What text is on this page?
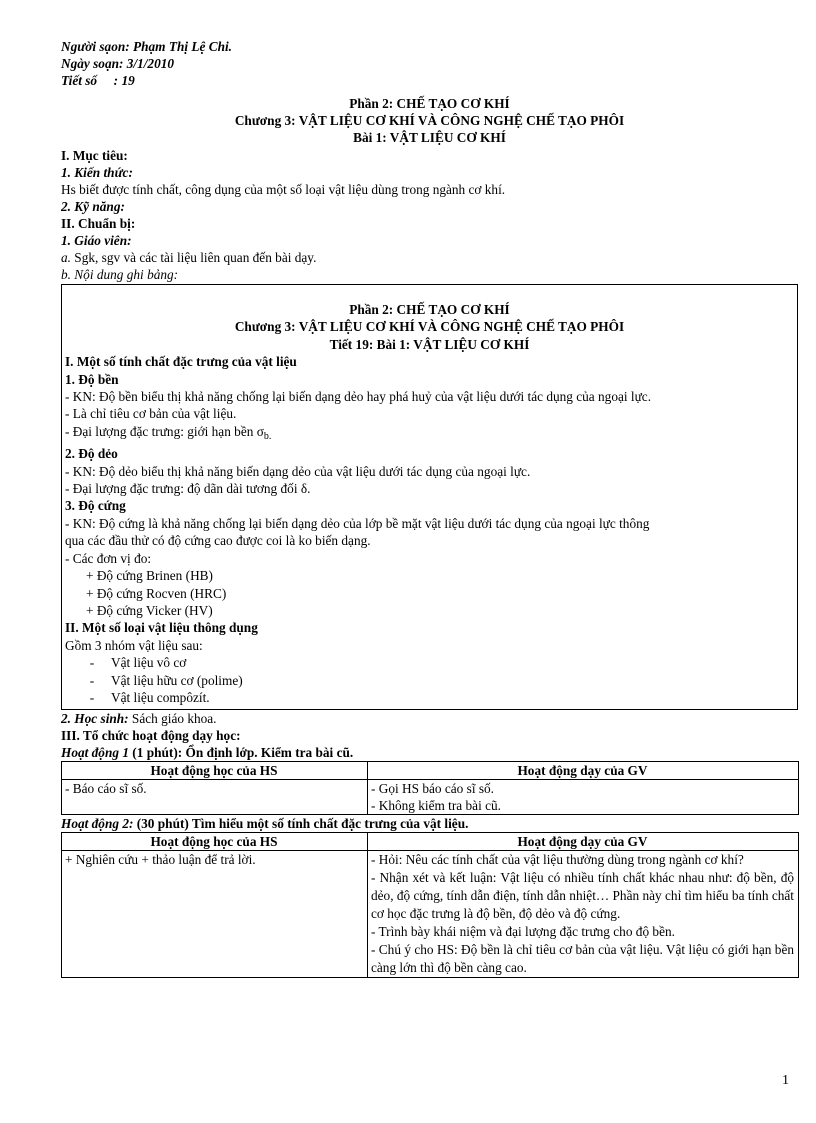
Người sạon: Phạm Thị Lệ Chi.
Ngày soạn: 3/1/2010
Tiết số     : 19
Phần 2: CHẾ TẠO CƠ KHÍ
Chương 3: VẬT LIỆU CƠ KHÍ VÀ CÔNG NGHỆ CHẾ TẠO PHÔI
Bài 1: VẬT LIỆU CƠ KHÍ
I. Mục tiêu:
1. Kiến thức:
Hs biết được tính chất, công dụng của một số loại vật liệu dùng trong ngành cơ khí.
2. Kỹ năng:
II. Chuẩn bị:
1. Giáo viên:
a. Sgk, sgv và các tài liệu liên quan đến bài dạy.
b. Nội dung ghi bảng:
Phần 2: CHẾ TẠO CƠ KHÍ
Chương 3: VẬT LIỆU CƠ KHÍ VÀ CÔNG NGHỆ CHẾ TẠO PHÔI
Tiết 19: Bài 1: VẬT LIỆU CƠ KHÍ
I. Một số tính chất đặc trưng của vật liệu
1. Độ bền
- KN: Độ bền biểu thị khả năng chống lại biến dạng dẻo hay phá huỷ của vật liệu dưới tác dụng của ngoại lực.
- Là chỉ tiêu cơ bản của vật liệu.
- Đại lượng đặc trưng: giới hạn bền $\sigma_{b.}$
2. Độ dẻo
- KN: Độ dẻo biểu thị khả năng biến dạng dẻo của vật liệu dưới tác dụng của ngoại lực.
- Đại lượng đặc trưng: độ dãn dài tương đối δ.
3. Độ cứng
- KN: Độ cứng là khả năng chống lại biến dạng dẻo của lớp bề mặt vật liệu dưới tác dụng của ngoại lực thông
qua các đầu thử có độ cứng cao được coi là ko biến dạng.
- Các đơn vị đo:
+ Độ cứng Brinen (HB)
+ Độ cứng Rocven (HRC)
+ Độ cứng Vicker (HV)
II. Một số loại vật liệu thông dụng
Gồm 3 nhóm vật liệu sau:
- Vật liệu vô cơ
- Vật liệu hữu cơ (polime)
- Vật liệu compôzít.
2. Học sinh: Sách giáo khoa.
III. Tổ chức hoạt động dạy học:
Hoạt động 1 (1 phút): Ổn định lớp. Kiểm tra bài cũ.
Hoạt động học của HS	Hoạt động dạy của GV
- Báo cáo sĩ số.	- Gọi HS báo cáo sĩ số.
- Không kiểm tra bài cũ.
Hoạt động 2: (30 phút) Tìm hiểu một số tính chất đặc trưng của vật liệu.
Hoạt động học của HS	Hoạt động dạy của GV
+ Nghiên cứu + thảo luận để trả lời.	- Hỏi: Nêu các tính chất của vật liệu thường dùng trong ngành cơ khí?
- Nhận xét và kết luận: Vật liệu có nhiều tính chất khác nhau như: độ bền, độ dẻo, độ cứng, tính dẫn điện, tính dẫn nhiệt… Phần này chỉ tìm hiểu ba tính chất cơ học đặc trưng là độ bền, độ dẻo và độ cứng.
- Trình bày khái niệm và đại lượng đặc trưng cho độ bền.
- Chú ý cho HS: Độ bền là chỉ tiêu cơ bản của vật liệu. Vật liệu có giới hạn bền càng lớn thì độ bền càng cao.
1
